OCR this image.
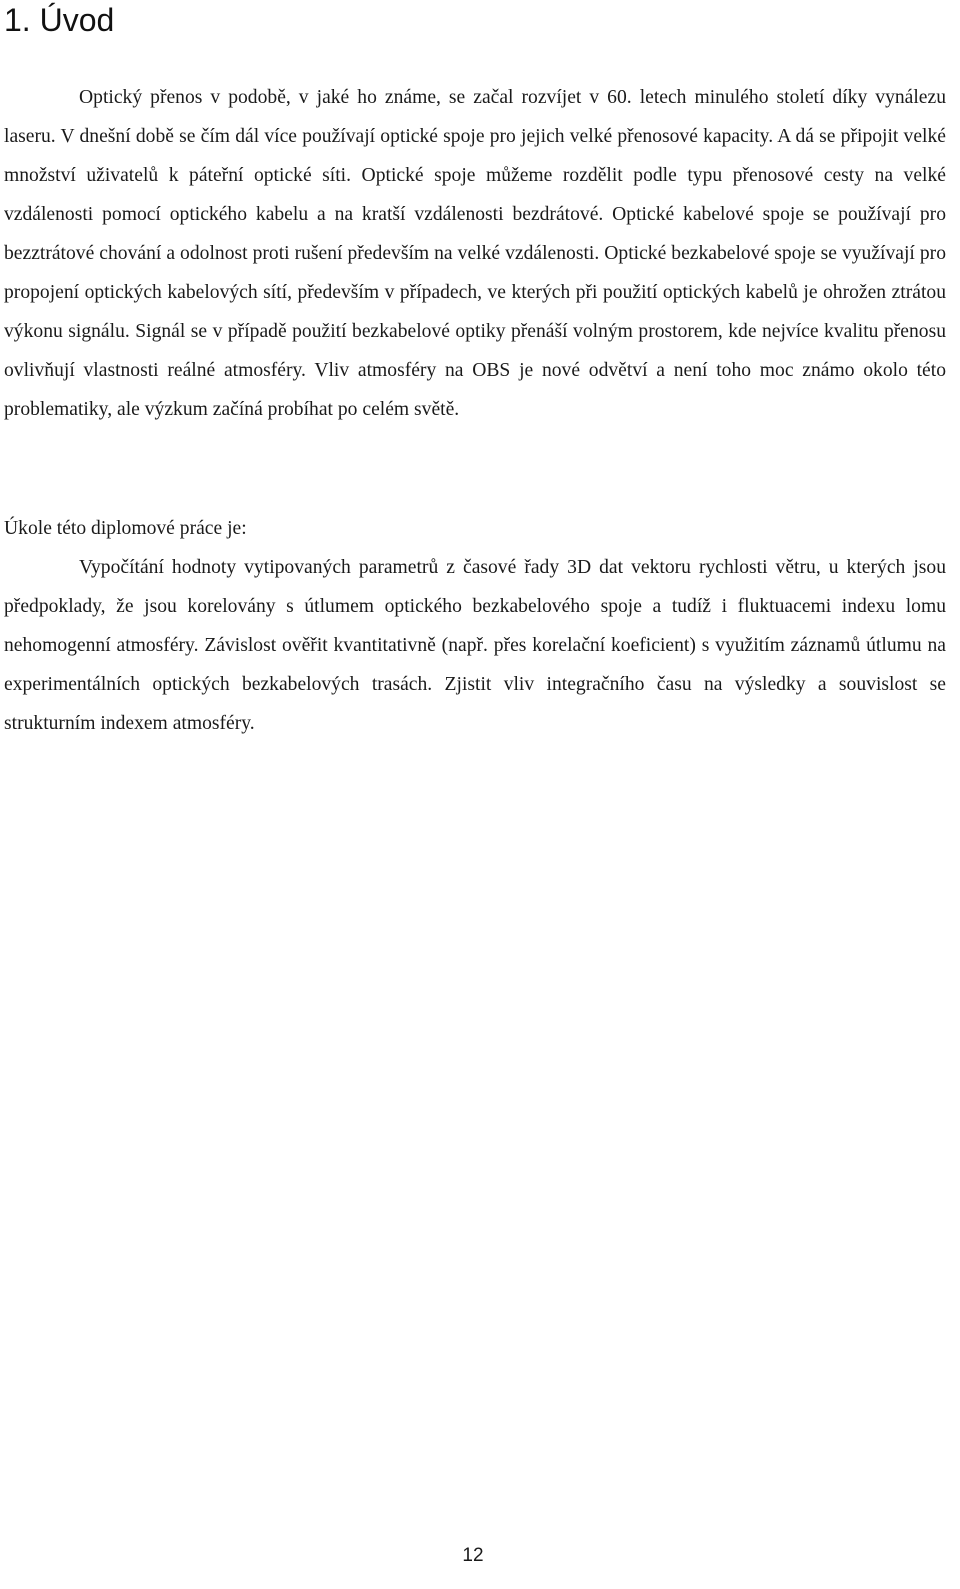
1. Úvod

Optický přenos v podobě, v jaké ho známe, se začal rozvíjet v 60. letech minulého století díky vynálezu laseru. V dnešní době se čím dál více používají optické spoje pro jejich velké přenosové kapacity. A dá se připojit velké množství uživatelů k páteřní optické síti. Optické spoje můžeme rozdělit podle typu přenosové cesty na velké vzdálenosti pomocí optického kabelu a na kratší vzdálenosti bezdrátové. Optické kabelové spoje se používají pro bezztrátové chování a odolnost proti rušení především na velké vzdálenosti. Optické bezkabelové spoje se využívají pro propojení optických kabelových sítí, především v případech, ve kterých při použití optických kabelů je ohrožen ztrátou výkonu signálu. Signál se v případě použití bezkabelové optiky přenáší volným prostorem, kde nejvíce kvalitu přenosu ovlivňují vlastnosti reálné atmosféry. Vliv atmosféry na OBS je nové odvětví a není toho moc známo okolo této problematiky, ale výzkum začíná probíhat po celém světě.

Úkole této diplomové práce je:

Vypočítání hodnoty vytipovaných parametrů z časové řady 3D dat vektoru rychlosti větru, u kterých jsou předpoklady, že jsou korelovány s útlumem optického bezkabelového spoje a tudíž i fluktuacemi indexu lomu nehomogenní atmosféry. Závislost ověřit kvantitativně (např. přes korelační koeficient) s využitím záznamů útlumu na experimentálních optických bezkabelových trasách. Zjistit vliv integračního času na výsledky a souvislost se strukturním indexem atmosféry.

12
